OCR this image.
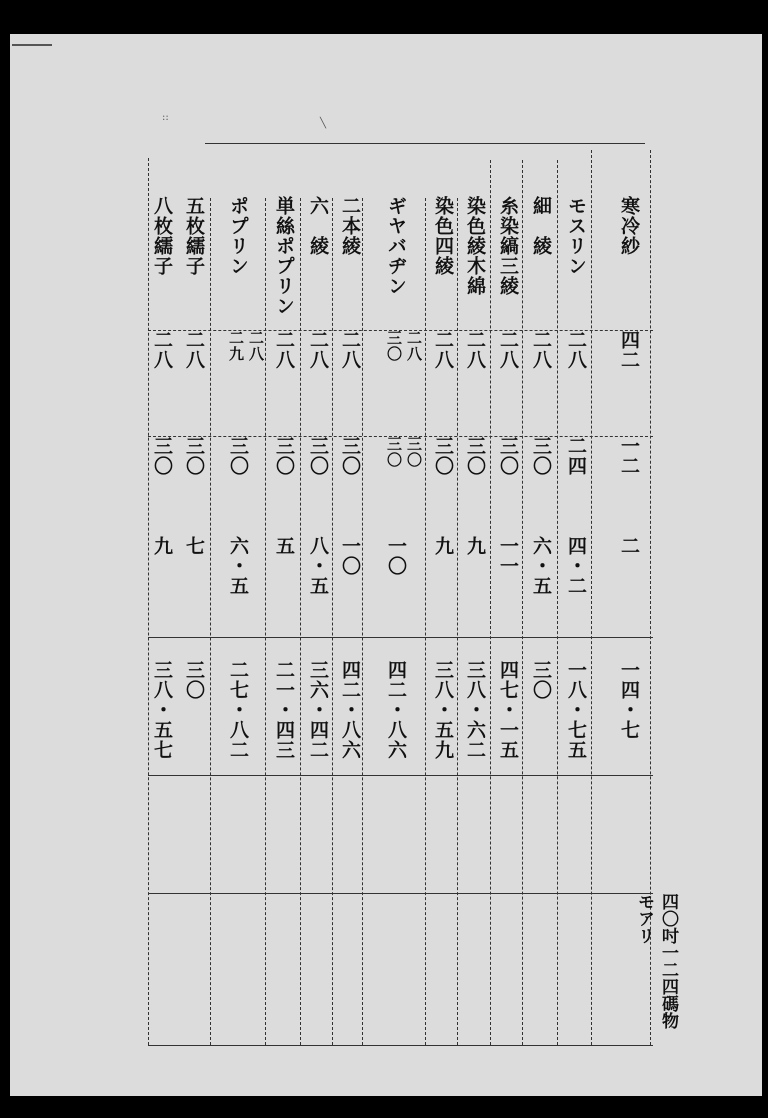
╲
::
寒冷紗
四二
一二
二
一四・七
モスリン
二八
二四
四・二
一八・七五
細　綾
二八
三〇
六・五
三〇
糸染縞三綾
二八
三〇
一一
四七・一五
染色綾木綿
二八
三〇
九
三八・六二
染色四綾
二八
三〇
九
三八・五九
ギヤバヂン
二八
三〇
三〇
三〇
一〇
四二・八六
二本綾
二八
三〇
一〇
四二・八六
六　綾
二八
三〇
八・五
三六・四二
単絲ポプリン
二八
三〇
五
二一・四三
ポプリン
二八
二九
三〇
六・五
二七・八二
五枚繻子
二八
三〇
七
三〇
八枚繻子
二八
三〇
九
三八・五七
四〇吋一二四碼物モアリ
